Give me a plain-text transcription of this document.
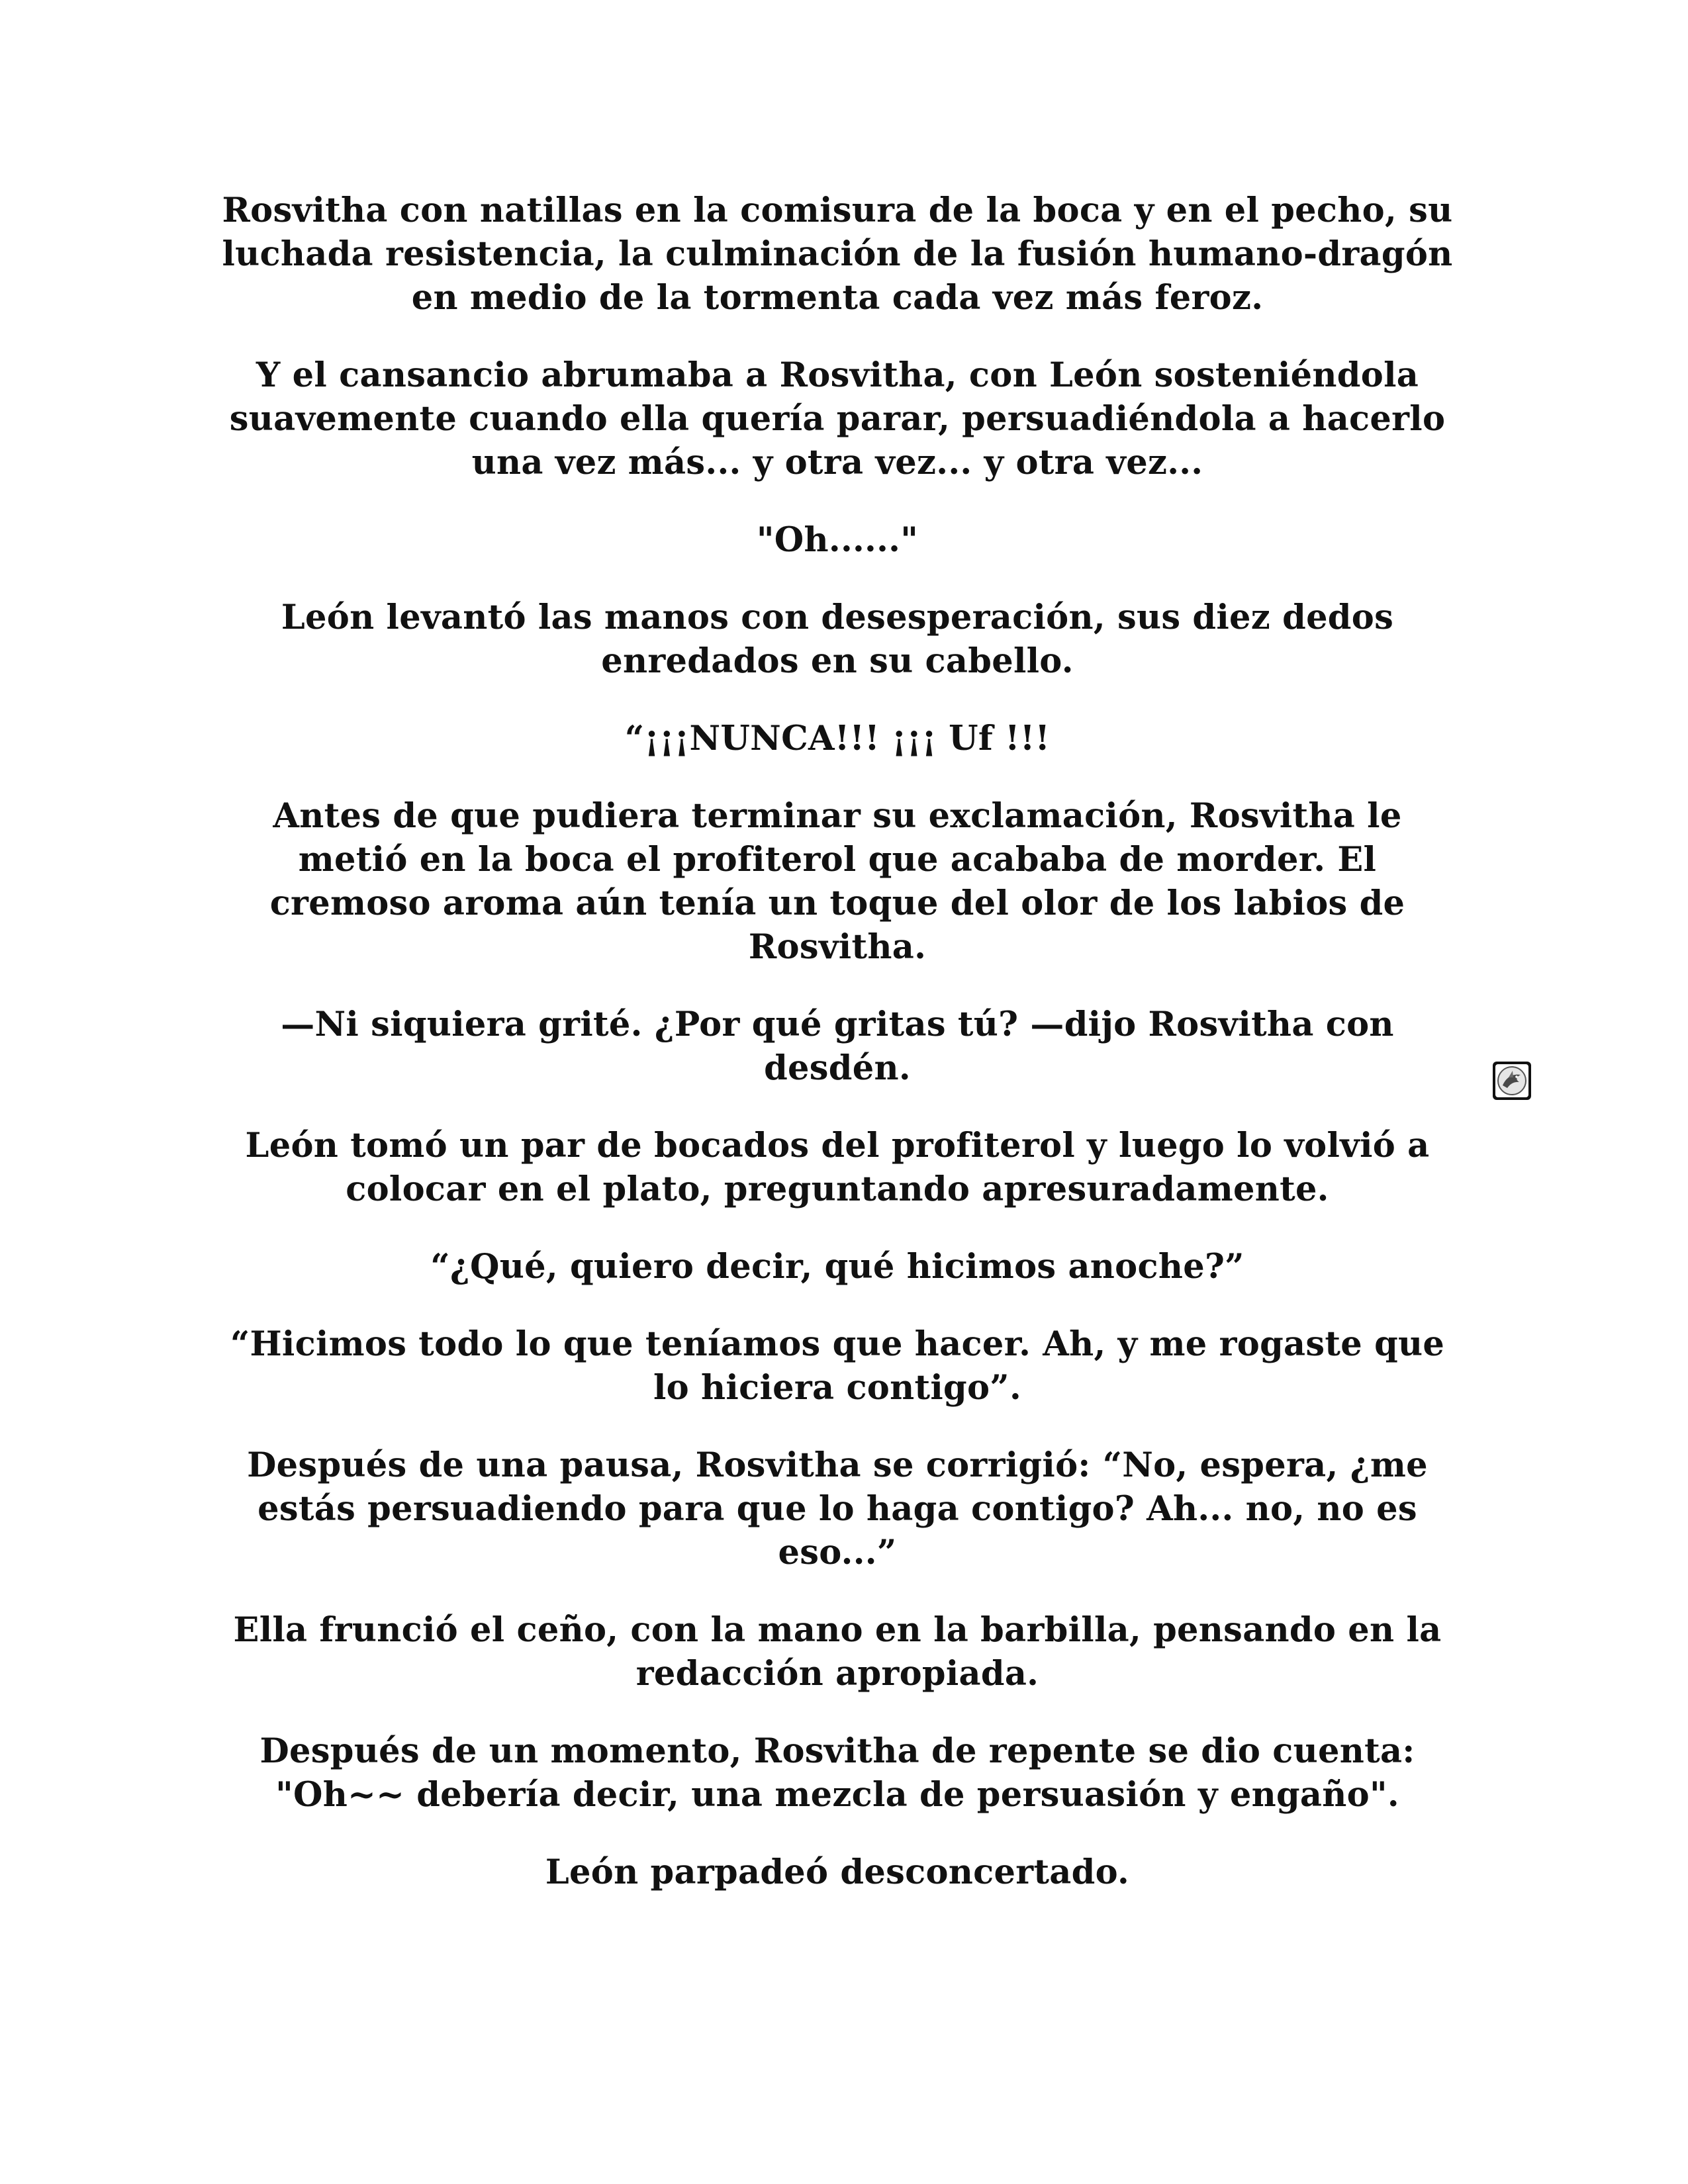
Rosvitha con natillas en la comisura de la boca y en el pecho, su luchada resistencia, la culminación de la fusión humano-dragón en medio de la tormenta cada vez más feroz.

Y el cansancio abrumaba a Rosvitha, con León sosteniéndola suavemente cuando ella quería parar, persuadiéndola a hacerlo una vez más... y otra vez... y otra vez...

"Oh......"

León levantó las manos con desesperación, sus diez dedos enredados en su cabello.

“¡¡¡NUNCA!!! ¡¡¡ Uf !!!

Antes de que pudiera terminar su exclamación, Rosvitha le metió en la boca el profiterol que acababa de morder. El cremoso aroma aún tenía un toque del olor de los labios de Rosvitha.

—Ni siquiera grité. ¿Por qué gritas tú? —dijo Rosvitha con desdén.

León tomó un par de bocados del profiterol y luego lo volvió a colocar en el plato, preguntando apresuradamente.

“¿Qué, quiero decir, qué hicimos anoche?”

“Hicimos todo lo que teníamos que hacer. Ah, y me rogaste que lo hiciera contigo”.

Después de una pausa, Rosvitha se corrigió: “No, espera, ¿me estás persuadiendo para que lo haga contigo? Ah... no, no es eso...”

Ella frunció el ceño, con la mano en la barbilla, pensando en la redacción apropiada.

Después de un momento, Rosvitha de repente se dio cuenta: "Oh~~ debería decir, una mezcla de persuasión y engaño".

León parpadeó desconcertado.
